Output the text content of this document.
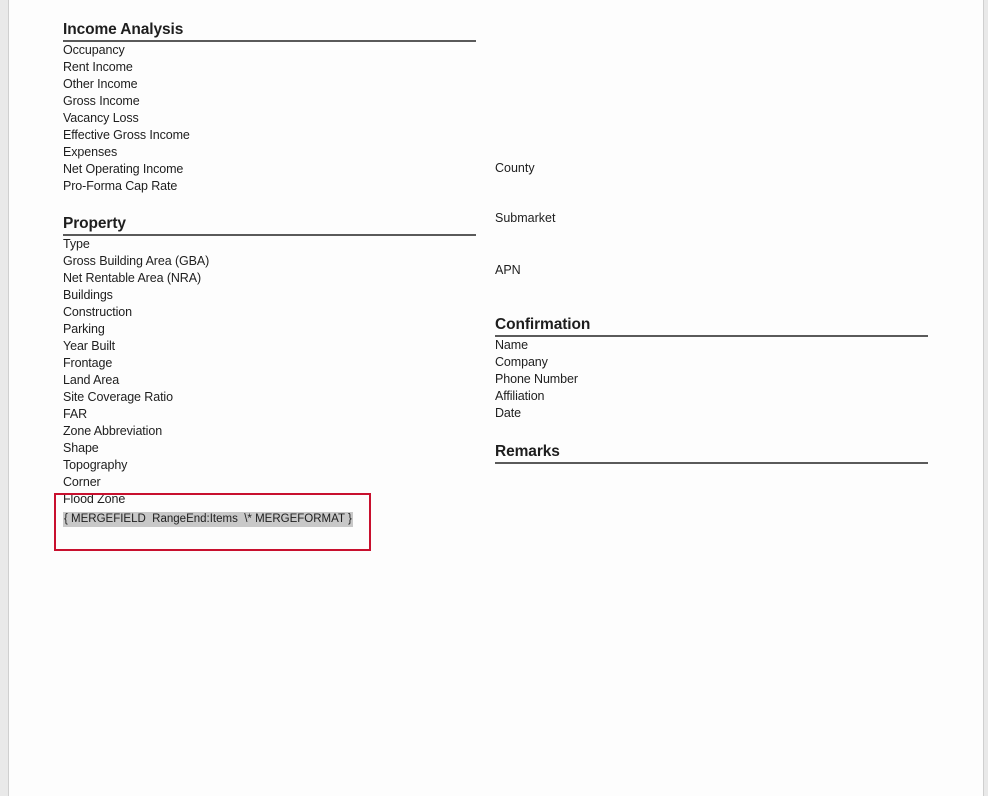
Income Analysis
Occupancy
Rent Income
Other Income
Gross Income
Vacancy Loss
Effective Gross Income
Expenses
Net Operating Income
Pro-Forma Cap Rate
Property
Type
Gross Building Area (GBA)
Net Rentable Area (NRA)
Buildings
Construction
Parking
Year Built
Frontage
Land Area
Site Coverage Ratio
FAR
Zone Abbreviation
Shape
Topography
Corner
Flood Zone
{ MERGEFIELD  RangeEnd:Items  \* MERGEFORMAT }
County
Submarket
APN
Confirmation
Name
Company
Phone Number
Affiliation
Date
Remarks
